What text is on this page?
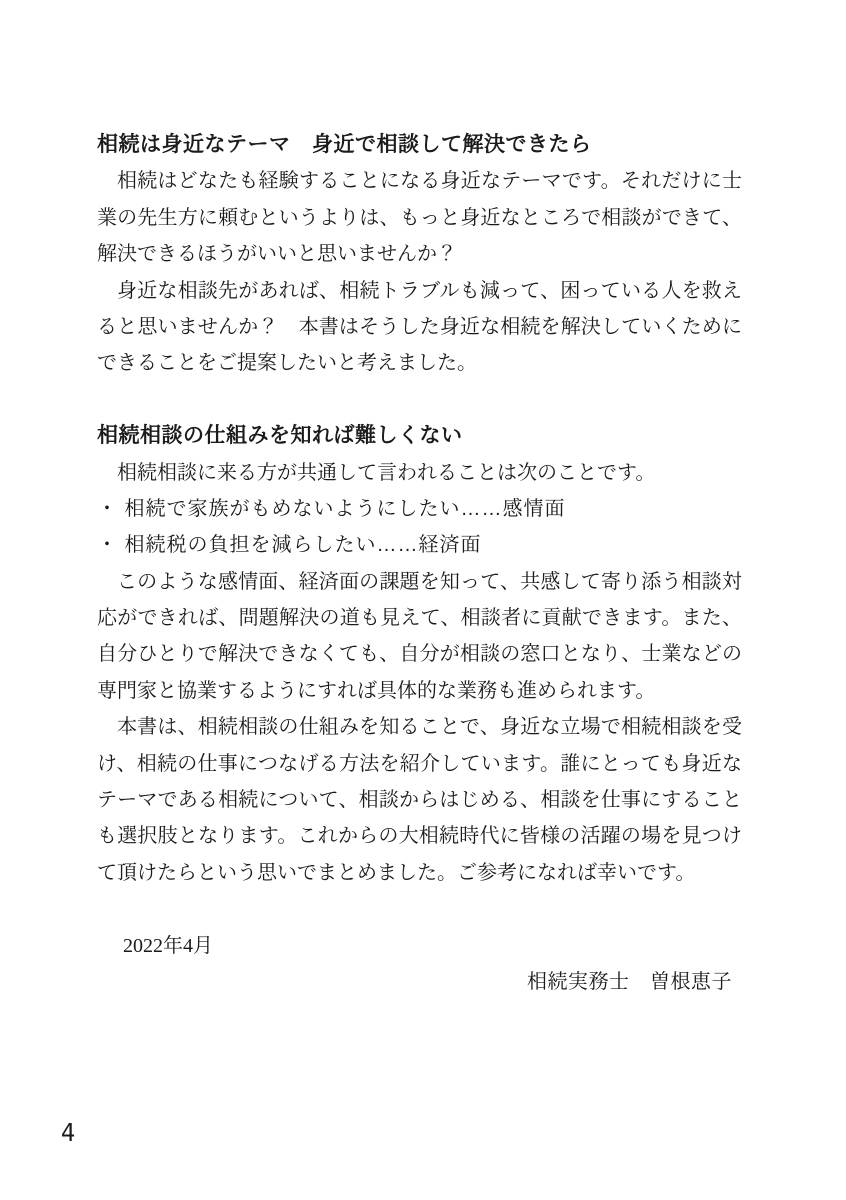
相続は身近なテーマ　身近で相談して解決できたら
相続はどなたも経験することになる身近なテーマです。それだけに士
業の先生方に頼むというよりは、もっと身近なところで相談ができて、
解決できるほうがいいと思いませんか？
身近な相談先があれば、相続トラブルも減って、困っている人を救え
ると思いませんか？　本書はそうした身近な相続を解決していくために
できることをご提案したいと考えました。
相続相談の仕組みを知れば難しくない
相続相談に来る方が共通して言われることは次のことです。
・ 相続で家族がもめないようにしたい……感情面
・ 相続税の負担を減らしたい……経済面
このような感情面、経済面の課題を知って、共感して寄り添う相談対
応ができれば、問題解決の道も見えて、相談者に貢献できます。また、
自分ひとりで解決できなくても、自分が相談の窓口となり、士業などの
専門家と協業するようにすれば具体的な業務も進められます。
本書は、相続相談の仕組みを知ることで、身近な立場で相続相談を受
け、相続の仕事につなげる方法を紹介しています。誰にとっても身近な
テーマである相続について、相談からはじめる、相談を仕事にすること
も選択肢となります。これからの大相続時代に皆様の活躍の場を見つけ
て頂けたらという思いでまとめました。ご参考になれば幸いです。
2022年4月
相続実務士　曽根恵子
4
